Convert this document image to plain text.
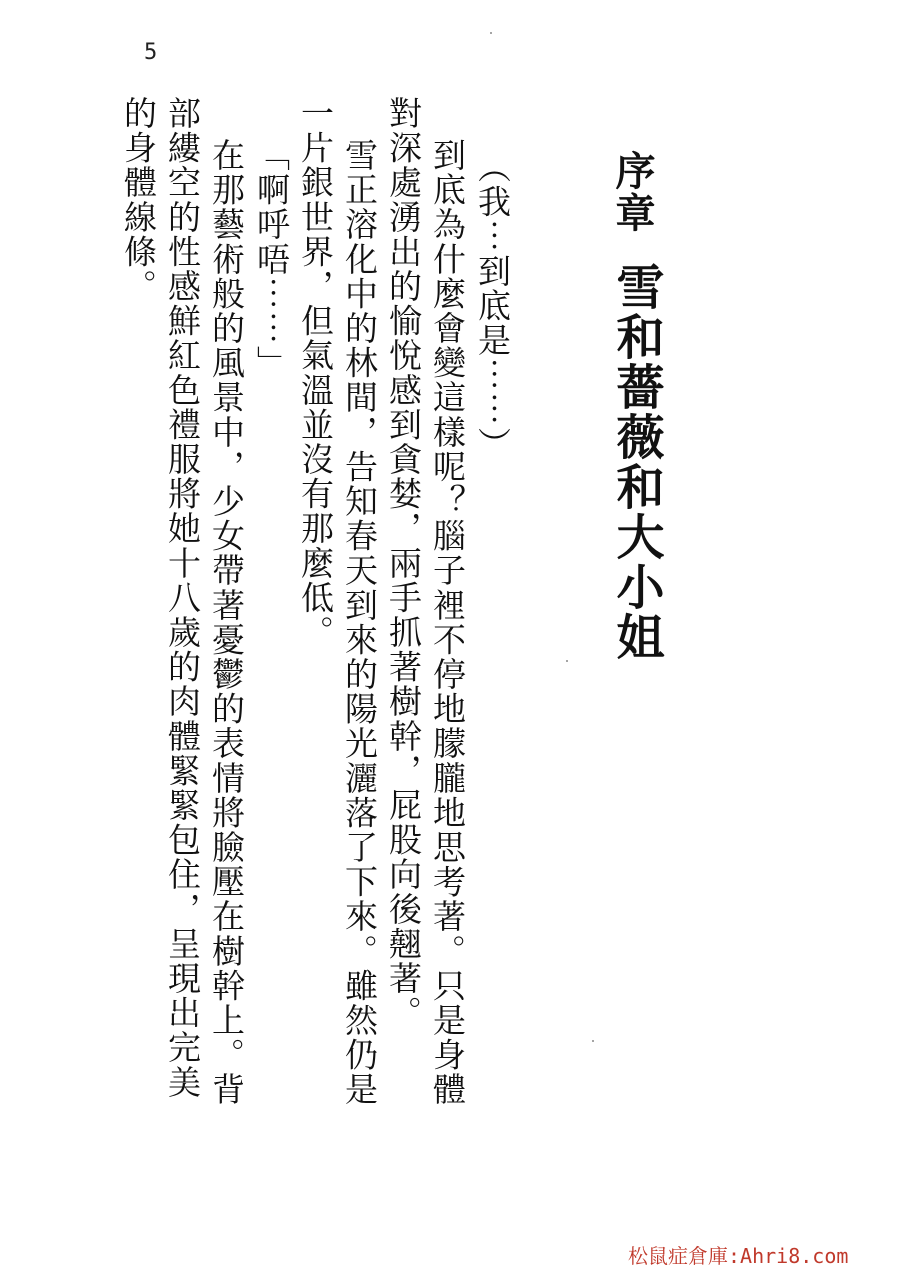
5
序章
雪和薔薇和大小姐
︵我︙到底是︙︙︶
到底為什麼會變這樣呢？腦子裡不停地朦朧地思考著。只是身體
對深處湧出的愉悅感到貪婪，兩手抓著樹幹，屁股向後翹著。
雪正溶化中的林間，告知春天到來的陽光灑落了下來。雖然仍是
一片銀世界，但氣溫並沒有那麼低。
﹁啊呼唔︙︙﹂
在那藝術般的風景中，少女帶著憂鬱的表情將臉壓在樹幹上。背
部縷空的性感鮮紅色禮服將她十八歲的肉體緊緊包住，呈現出完美
的身體線條。
松鼠症倉庫:Ahri8.com
